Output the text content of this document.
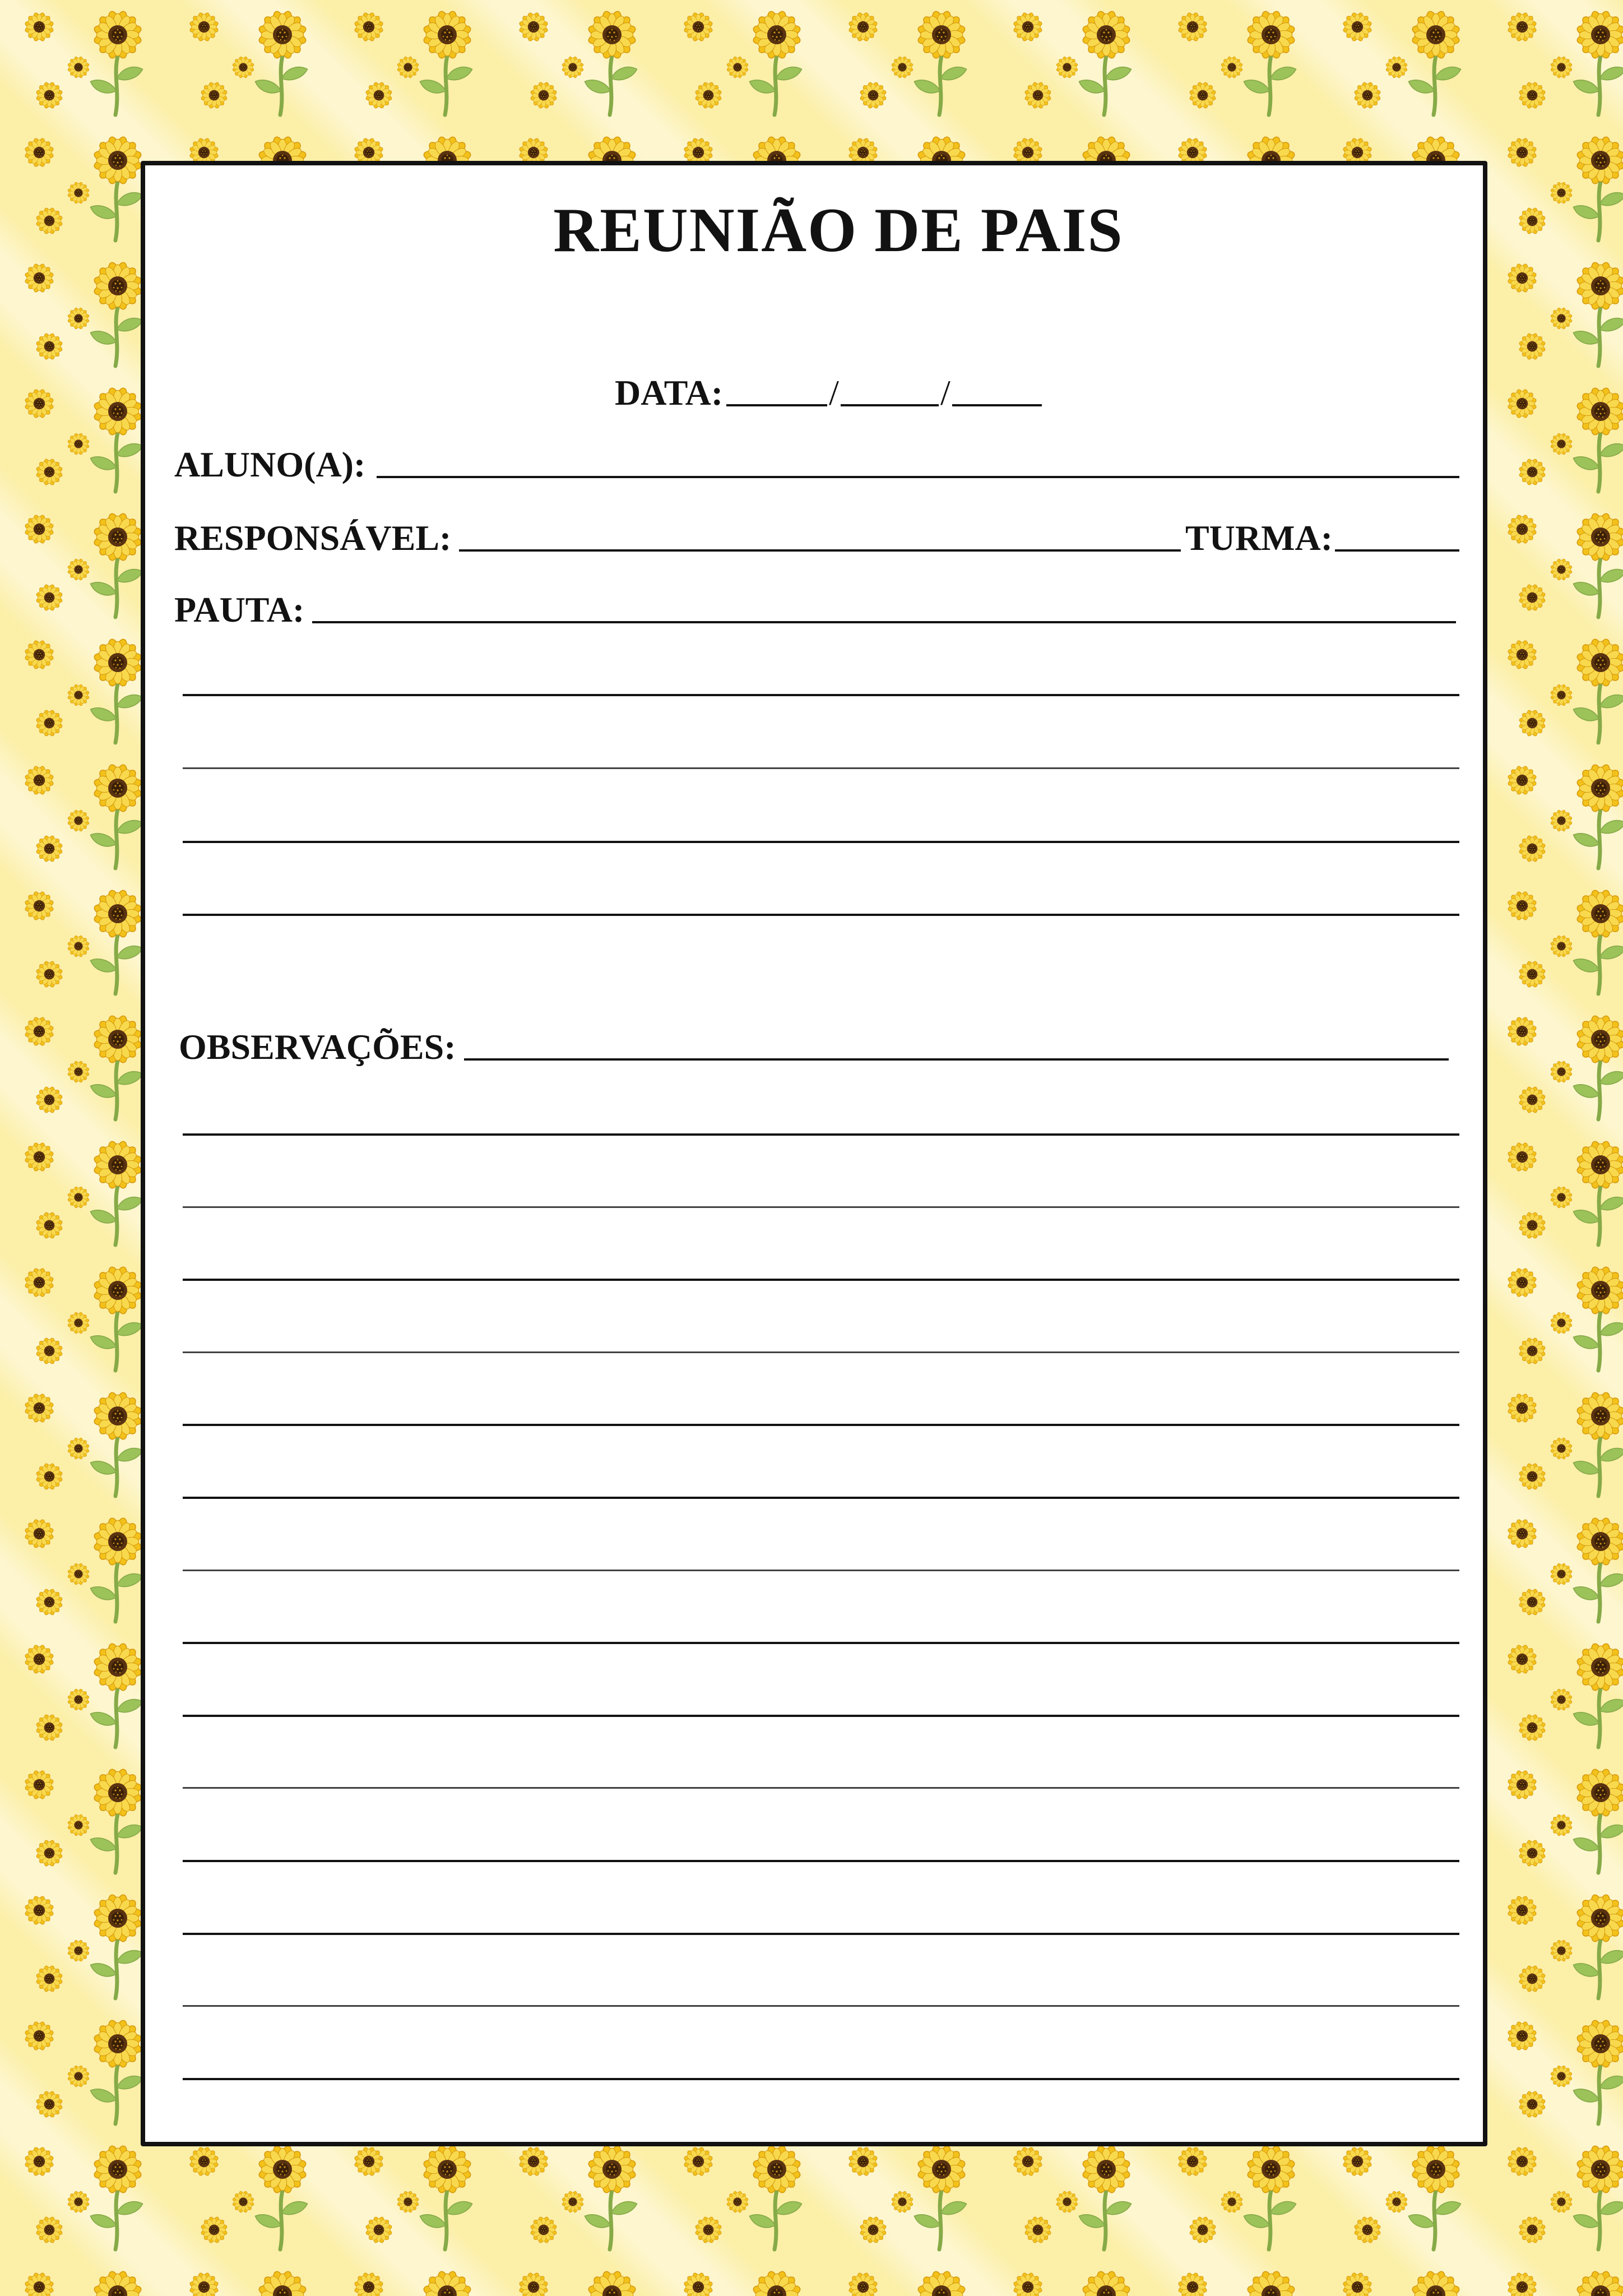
REUNIÃO DE PAIS
DATA:	/	/
ALUNO(A):
RESPONSÁVEL:	TURMA:
PAUTA:
OBSERVAÇÕES:
